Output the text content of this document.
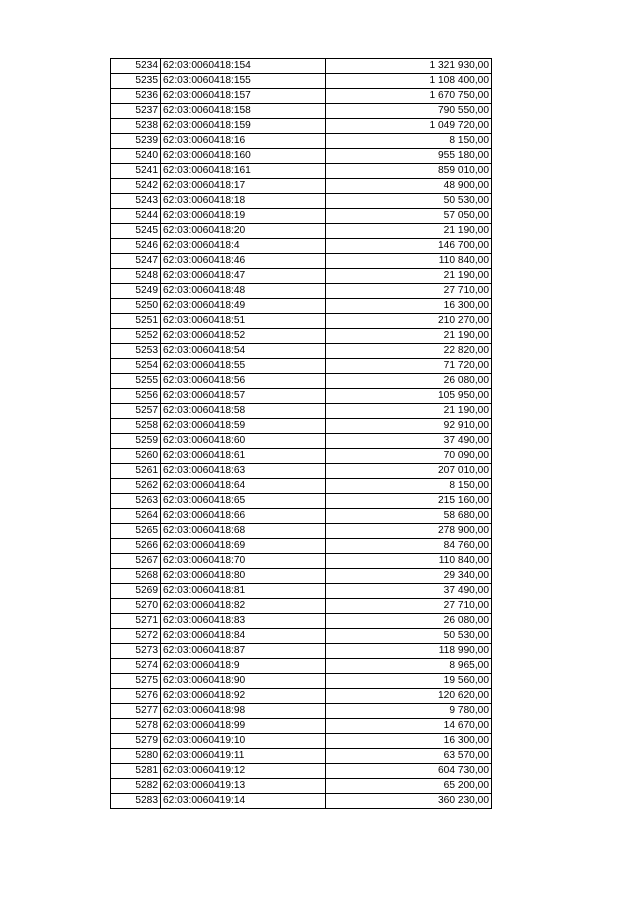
5234	62:03:0060418:154	1 321 930,00
5235	62:03:0060418:155	1 108 400,00
5236	62:03:0060418:157	1 670 750,00
5237	62:03:0060418:158	790 550,00
5238	62:03:0060418:159	1 049 720,00
5239	62:03:0060418:16	8 150,00
5240	62:03:0060418:160	955 180,00
5241	62:03:0060418:161	859 010,00
5242	62:03:0060418:17	48 900,00
5243	62:03:0060418:18	50 530,00
5244	62:03:0060418:19	57 050,00
5245	62:03:0060418:20	21 190,00
5246	62:03:0060418:4	146 700,00
5247	62:03:0060418:46	110 840,00
5248	62:03:0060418:47	21 190,00
5249	62:03:0060418:48	27 710,00
5250	62:03:0060418:49	16 300,00
5251	62:03:0060418:51	210 270,00
5252	62:03:0060418:52	21 190,00
5253	62:03:0060418:54	22 820,00
5254	62:03:0060418:55	71 720,00
5255	62:03:0060418:56	26 080,00
5256	62:03:0060418:57	105 950,00
5257	62:03:0060418:58	21 190,00
5258	62:03:0060418:59	92 910,00
5259	62:03:0060418:60	37 490,00
5260	62:03:0060418:61	70 090,00
5261	62:03:0060418:63	207 010,00
5262	62:03:0060418:64	8 150,00
5263	62:03:0060418:65	215 160,00
5264	62:03:0060418:66	58 680,00
5265	62:03:0060418:68	278 900,00
5266	62:03:0060418:69	84 760,00
5267	62:03:0060418:70	110 840,00
5268	62:03:0060418:80	29 340,00
5269	62:03:0060418:81	37 490,00
5270	62:03:0060418:82	27 710,00
5271	62:03:0060418:83	26 080,00
5272	62:03:0060418:84	50 530,00
5273	62:03:0060418:87	118 990,00
5274	62:03:0060418:9	8 965,00
5275	62:03:0060418:90	19 560,00
5276	62:03:0060418:92	120 620,00
5277	62:03:0060418:98	9 780,00
5278	62:03:0060418:99	14 670,00
5279	62:03:0060419:10	16 300,00
5280	62:03:0060419:11	63 570,00
5281	62:03:0060419:12	604 730,00
5282	62:03:0060419:13	65 200,00
5283	62:03:0060419:14	360 230,00
